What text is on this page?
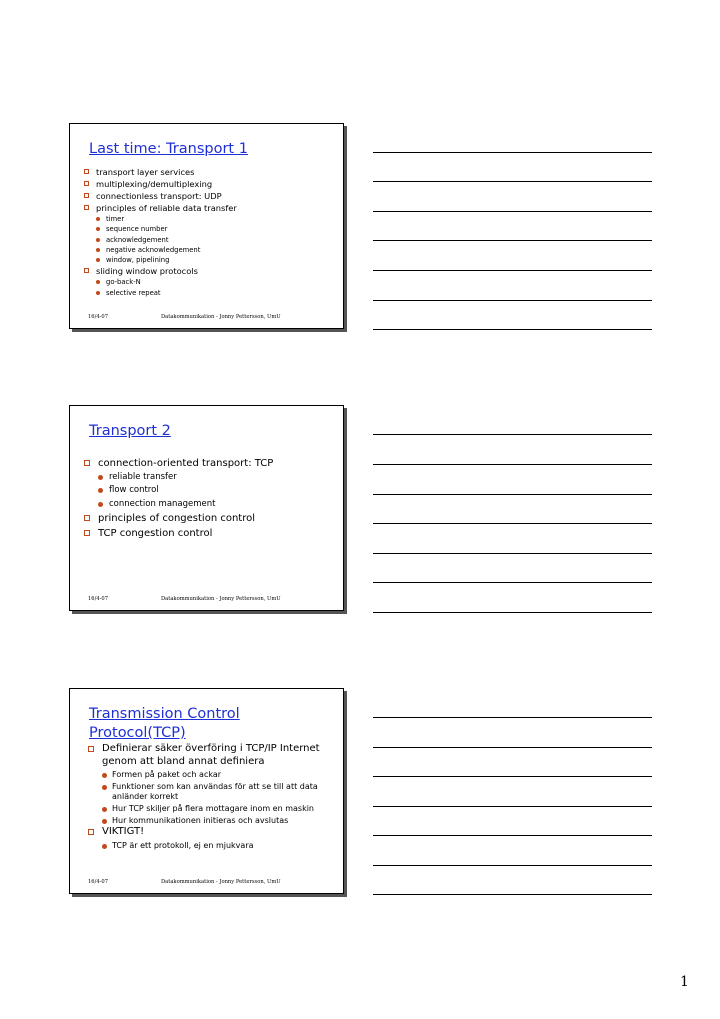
Last time: Transport 1
transport layer services
multiplexing/demultiplexing
connectionless transport: UDP
principles of reliable data transfer
timer
sequence number
acknowledgement
negative acknowledgement
window, pipelining
sliding window protocols
go-back-N
selective repeat
16/4-07	Datakommunikation - Jonny Pettersson, UmU
Transport 2
connection-oriented transport: TCP
reliable transfer
flow control
connection management
principles of congestion control
TCP congestion control
16/4-07	Datakommunikation - Jonny Pettersson, UmU
Transmission Control Protocol(TCP)
Definierar säker överföring i TCP/IP Internet genom att bland annat definiera
Formen på paket och ackar
Funktioner som kan användas för att se till att data anländer korrekt
Hur TCP skiljer på flera mottagare inom en maskin
Hur kommunikationen initieras och avslutas
VIKTIGT!
TCP är ett protokoll, ej en mjukvara
16/4-07	Datakommunikation - Jonny Pettersson, UmU
1
